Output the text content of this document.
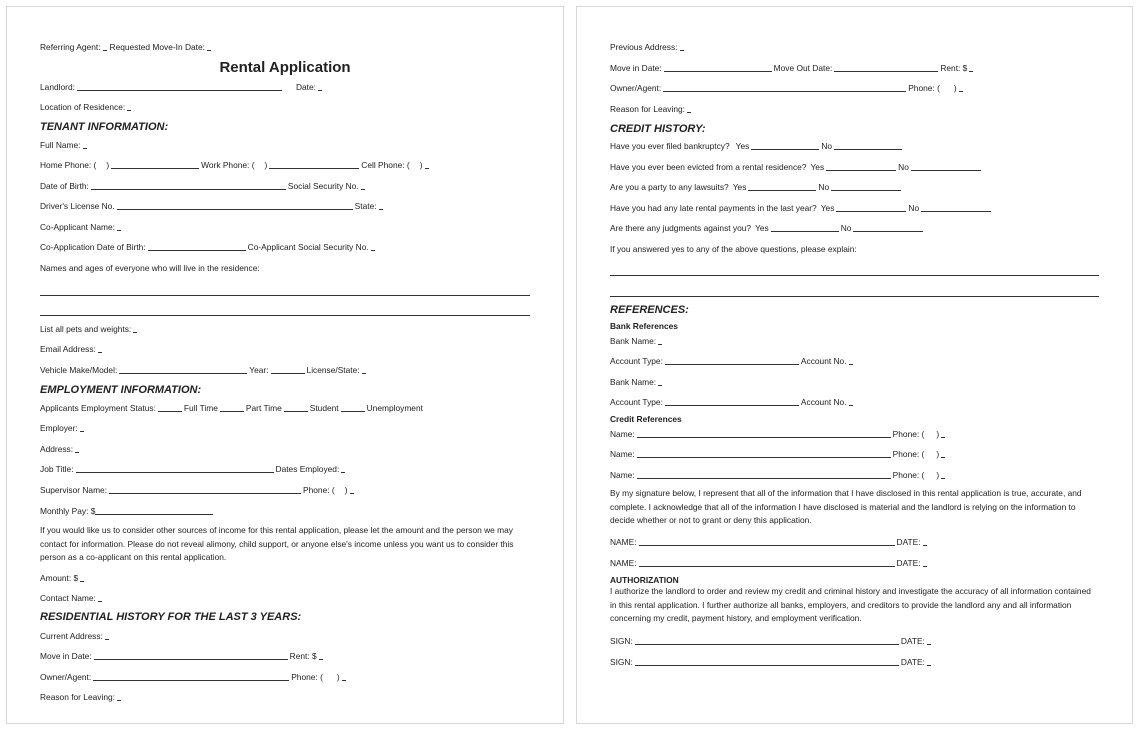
Referring Agent: Requested Move-In Date:
Rental Application
Landlord:	Date:
Location of Residence:
TENANT INFORMATION:
Full Name:
Home Phone: ( )	Work Phone: ( )	Cell Phone: ( )
Date of Birth:	Social Security No.
Driver's License No.	State:
Co-Applicant Name:
Co-Application Date of Birth:	Co-Applicant Social Security No.
Names and ages of everyone who will live in the residence:
List all pets and weights:
Email Address:
Vehicle Make/Model:	Year:	License/State:
EMPLOYMENT INFORMATION:
Applicants Employment Status:	Full Time	Part Time	Student	Unemployment
Employer:
Address:
Job Title:	Dates Employed:
Supervisor Name:	Phone: ( )
Monthly Pay: $
If you would like us to consider other sources of income for this rental application, please let the amount and the person we may contact for information. Please do not reveal alimony, child support, or anyone else's income unless you want us to consider this person as a co-applicant on this rental application.
Amount: $
Contact Name:
RESIDENTIAL HISTORY FOR THE LAST 3 YEARS:
Current Address:
Move in Date:	Rent: $
Owner/Agent:	Phone: ( )
Reason for Leaving:
Previous Address:
Move in Date:	Move Out Date:	Rent: $
Owner/Agent:	Phone: ( )
Reason for Leaving:
CREDIT HISTORY:
Have you ever filed bankruptcy? Yes	No
Have you ever been evicted from a rental residence? Yes	No
Are you a party to any lawsuits? Yes	No
Have you had any late rental payments in the last year? Yes	No
Are there any judgments against you? Yes	No
If you answered yes to any of the above questions, please explain:
REFERENCES:
Bank References
Bank Name:
Account Type:	Account No.
Bank Name:
Account Type:	Account No.
Credit References
Name:	Phone: ( )
Name:	Phone: ( )
Name:	Phone: ( )
By my signature below, I represent that all of the information that I have disclosed in this rental application is true, accurate, and complete. I acknowledge that all of the information I have disclosed is material and the landlord is relying on the information to decide whether or not to grant or deny this application.
NAME:	DATE:
NAME:	DATE:
AUTHORIZATION
I authorize the landlord to order and review my credit and criminal history and investigate the accuracy of all information contained in this rental application. I further authorize all banks, employers, and creditors to provide the landlord any and all information concerning my credit, payment history, and employment verification.
SIGN:	DATE:
SIGN:	DATE:
